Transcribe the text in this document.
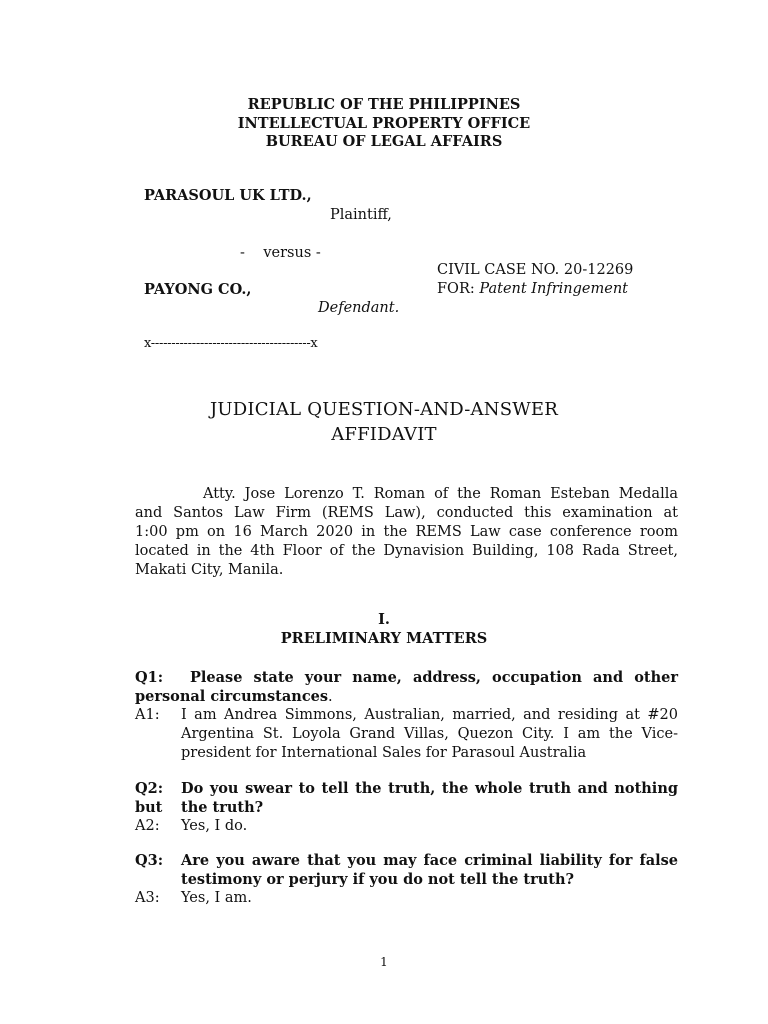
REPUBLIC OF THE PHILIPPINES
INTELLECTUAL PROPERTY OFFICE
BUREAU OF LEGAL AFFAIRS
PARASOUL UK LTD.,
Plaintiff,
-    versus -
CIVIL CASE NO. 20-12269
PAYONG CO.,	FOR: Patent Infringement
Defendant.
x---------------------------------------x
JUDICIAL QUESTION-AND-ANSWER
AFFIDAVIT
Atty. Jose Lorenzo T. Roman of the Roman Esteban Medalla
and Santos Law Firm (REMS Law), conducted this examination at
1:00 pm on 16 March 2020 in the REMS Law case conference room
located in the 4th Floor of the Dynavision Building, 108 Rada Street,
Makati City, Manila.
I.
PRELIMINARY MATTERS
Q1: Please state your name, address, occupation and other
personal circumstances.
A1: I am Andrea Simmons, Australian, married, and residing at #20
Argentina St. Loyola Grand Villas, Quezon City. I am the Vice-
president for International Sales for Parasoul Australia
Q2: Do you swear to tell the truth, the whole truth and nothing
but the truth?
A2: Yes, I do.
Q3: Are you aware that you may face criminal liability for false
testimony or perjury if you do not tell the truth?
A3: Yes, I am.
1
